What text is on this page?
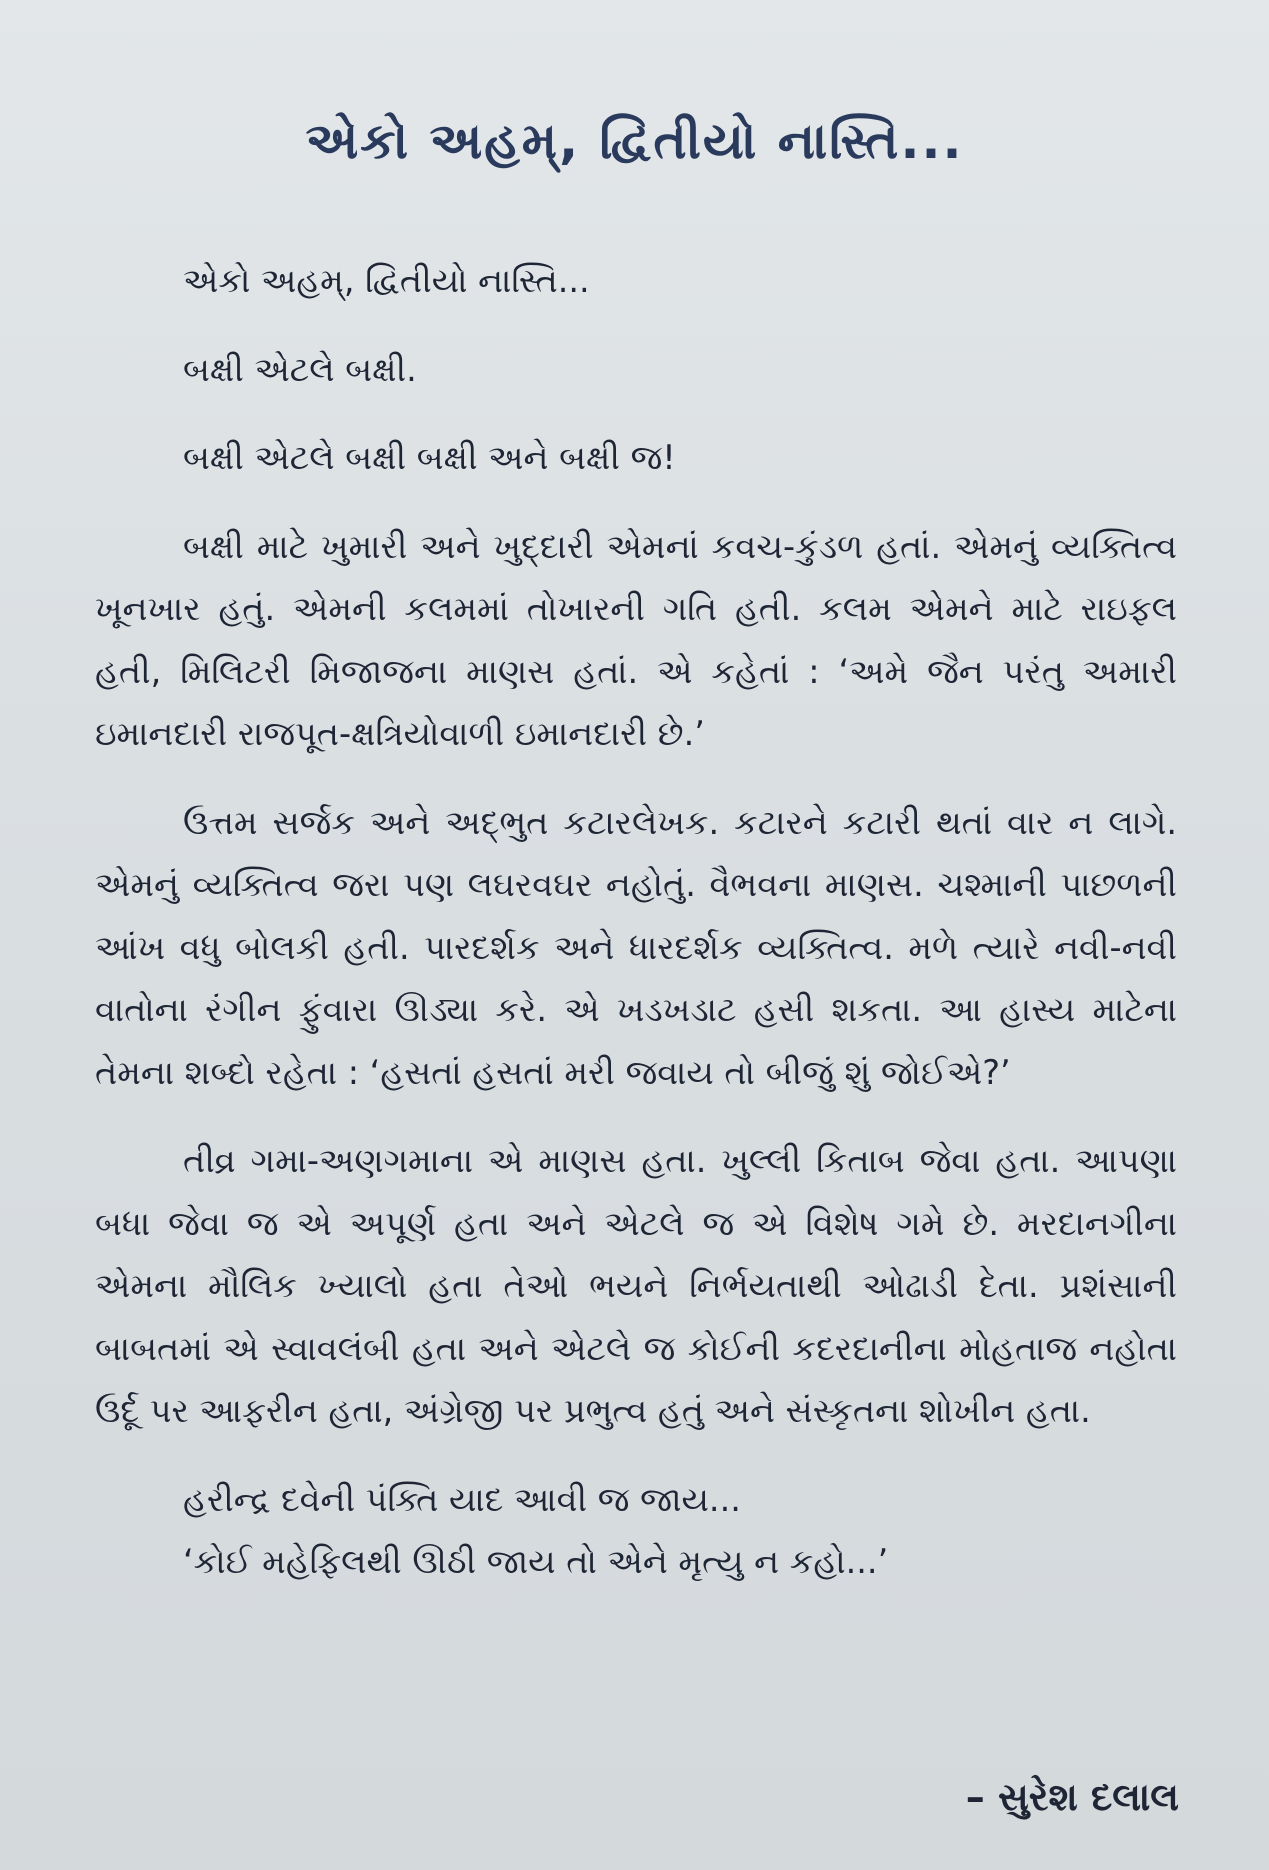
એકો અહમ્, દ્વિતીયો નાસ્તિ...

એકો અહમ્, દ્વિતીયો નાસ્તિ...

બક્ષી એટલે બક્ષી.

બક્ષી એટલે બક્ષી બક્ષી અને બક્ષી જ!

બક્ષી માટે ખુમારી અને ખુદ્દારી એમનાં કવચ-કુંડળ હતાં. એમનું વ્યક્તિત્વ ખૂનખાર હતું. એમની કલમમાં તોખારની ગતિ હતી. કલમ એમને માટે રાઇફલ હતી, મિલિટરી મિજાજના માણસ હતાં. એ કહેતાં : ‘અમે જૈન પરંતુ અમારી ઇમાનદારી રાજપૂત-ક્ષત્રિયોવાળી ઇમાનદારી છે.’

ઉત્તમ સર્જક અને અદ્ભુત કટારલેખક. કટારને કટારી થતાં વાર ન લાગે. એમનું વ્યક્તિત્વ જરા પણ લઘરવઘર નહોતું. વૈભવના માણસ. ચશ્માની પાછળની આંખ વધુ બોલકી હતી. પારદર્શક અને ધારદર્શક વ્યક્તિત્વ. મળે ત્યારે નવી-નવી વાતોના રંગીન ફુંવારા ઊડ્યા કરે. એ ખડખડાટ હસી શકતા. આ હાસ્ય માટેના તેમના શબ્દો રહેતા : ‘હસતાં હસતાં મરી જવાય તો બીજું શું જોઈએ?’

તીવ્ર ગમા-અણગમાના એ માણસ હતા. ખુલ્લી કિતાબ જેવા હતા. આપણા બધા જેવા જ એ અપૂર્ણ હતા અને એટલે જ એ વિશેષ ગમે છે. મરદાનગીના એમના મૌલિક ખ્યાલો હતા તેઓ ભયને નિર્ભયતાથી ઓઢાડી દેતા. પ્રશંસાની બાબતમાં એ સ્વાવલંબી હતા અને એટલે જ કોઈની કદરદાનીના મોહતાજ નહોતા ઉર્દૂ પર આફરીન હતા, અંગ્રેજી પર પ્રભુત્વ હતું અને સંસ્કૃતના શોખીન હતા.

હરીન્દ્ર દવેની પંક્તિ યાદ આવી જ જાય...

‘કોઈ મહેફિલથી ઊઠી જાય તો એને મૃત્યુ ન કહો...’

– સુરેશ દલાલ
